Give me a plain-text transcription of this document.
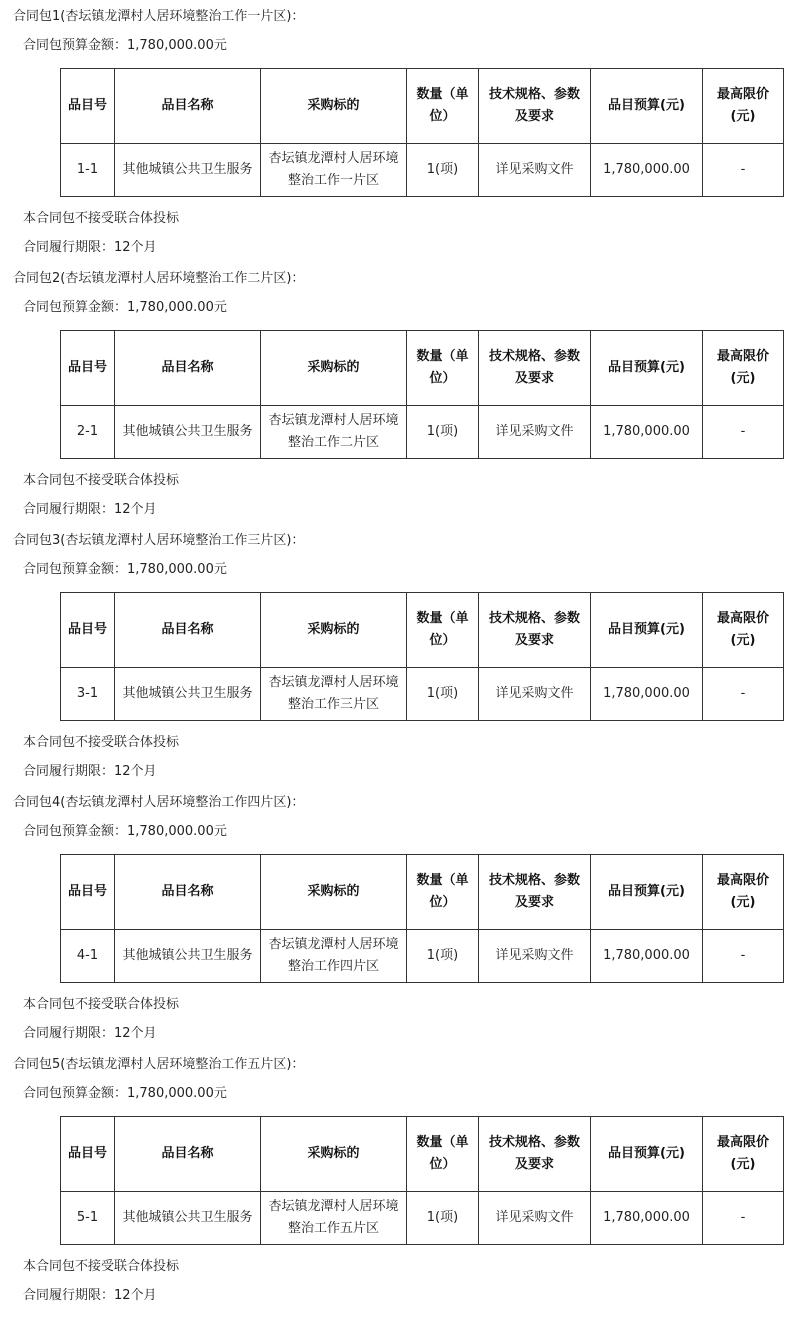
合同包1(杏坛镇龙潭村人居环境整治工作一片区)：
合同包预算金额：1,780,000.00元
品目号	品目名称	采购标的	数量（单位）	技术规格、参数及要求	品目预算(元)	最高限价(元)
1-1	其他城镇公共卫生服务	杏坛镇龙潭村人居环境整治工作一片区	1(项)	详见采购文件	1,780,000.00	-
本合同包不接受联合体投标
合同履行期限：12个月
合同包2(杏坛镇龙潭村人居环境整治工作二片区)：
合同包预算金额：1,780,000.00元
品目号	品目名称	采购标的	数量（单位）	技术规格、参数及要求	品目预算(元)	最高限价(元)
2-1	其他城镇公共卫生服务	杏坛镇龙潭村人居环境整治工作二片区	1(项)	详见采购文件	1,780,000.00	-
本合同包不接受联合体投标
合同履行期限：12个月
合同包3(杏坛镇龙潭村人居环境整治工作三片区)：
合同包预算金额：1,780,000.00元
品目号	品目名称	采购标的	数量（单位）	技术规格、参数及要求	品目预算(元)	最高限价(元)
3-1	其他城镇公共卫生服务	杏坛镇龙潭村人居环境整治工作三片区	1(项)	详见采购文件	1,780,000.00	-
本合同包不接受联合体投标
合同履行期限：12个月
合同包4(杏坛镇龙潭村人居环境整治工作四片区)：
合同包预算金额：1,780,000.00元
品目号	品目名称	采购标的	数量（单位）	技术规格、参数及要求	品目预算(元)	最高限价(元)
4-1	其他城镇公共卫生服务	杏坛镇龙潭村人居环境整治工作四片区	1(项)	详见采购文件	1,780,000.00	-
本合同包不接受联合体投标
合同履行期限：12个月
合同包5(杏坛镇龙潭村人居环境整治工作五片区)：
合同包预算金额：1,780,000.00元
品目号	品目名称	采购标的	数量（单位）	技术规格、参数及要求	品目预算(元)	最高限价(元)
5-1	其他城镇公共卫生服务	杏坛镇龙潭村人居环境整治工作五片区	1(项)	详见采购文件	1,780,000.00	-
本合同包不接受联合体投标
合同履行期限：12个月
